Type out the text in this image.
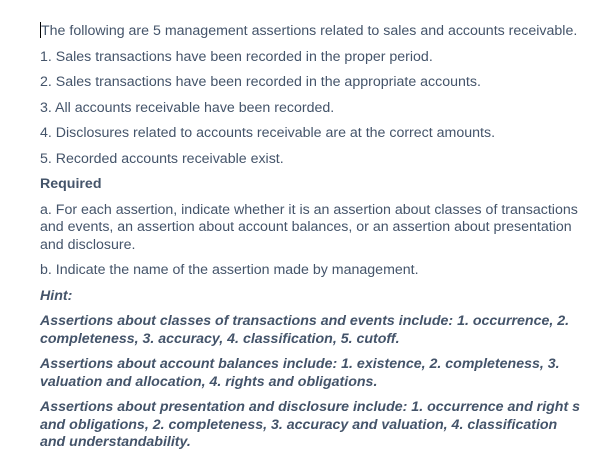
The following are 5 management assertions related to sales and accounts receivable.

1. Sales transactions have been recorded in the proper period.

2. Sales transactions have been recorded in the appropriate accounts.

3. All accounts receivable have been recorded.

4. Disclosures related to accounts receivable are at the correct amounts.

5. Recorded accounts receivable exist.

Required

a. For each assertion, indicate whether it is an assertion about classes of transactions and events, an assertion about account balances, or an assertion about presentation and disclosure.

b. Indicate the name of the assertion made by management.

Hint:

Assertions about classes of transactions and events include: 1. occurrence, 2. completeness, 3. accuracy, 4. classification, 5. cutoff.

Assertions about account balances include: 1. existence, 2. completeness, 3. valuation and allocation, 4. rights and obligations.

Assertions about presentation and disclosure include: 1. occurrence and right s and obligations, 2. completeness, 3. accuracy and valuation, 4. classification and understandability.
